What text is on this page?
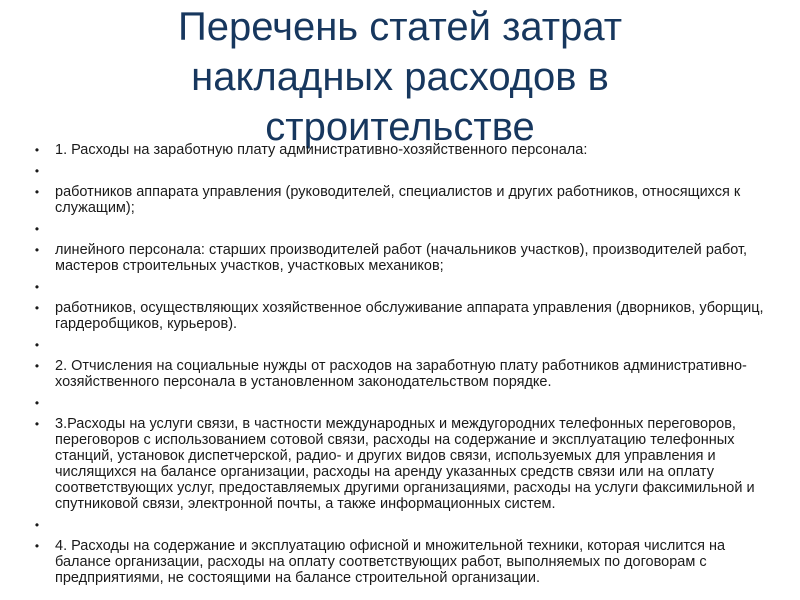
Перечень статей затрат
накладных расходов в
строительстве
• 1. Расходы на заработную плату административно-хозяйственного персонала:
•
• работников аппарата управления (руководителей, специалистов и других работников, относящихся к служащим);
•
• линейного персонала: старших производителей работ (начальников участков), производителей работ, мастеров строительных участков, участковых механиков;
•
• работников, осуществляющих хозяйственное обслуживание аппарата управления (дворников, уборщиц, гардеробщиков, курьеров).
•
• 2. Отчисления на социальные нужды от расходов на заработную плату работников административно-хозяйственного персонала в установленном законодательством порядке.
•
• 3.Расходы на услуги связи, в частности международных и междугородних телефонных переговоров, переговоров с использованием сотовой связи, расходы на содержание и эксплуатацию телефонных станций, установок диспетчерской, радио- и других видов связи, используемых для управления и числящихся на балансе организации, расходы на аренду указанных средств связи или на оплату соответствующих услуг, предоставляемых другими организациями, расходы на услуги факсимильной и спутниковой связи, электронной почты, а также информационных систем.
•
• 4. Расходы на содержание и эксплуатацию офисной и множительной техники, которая числится на балансе организации, расходы на оплату соответствующих работ, выполняемых по договорам с предприятиями, не состоящими на балансе строительной организации.
